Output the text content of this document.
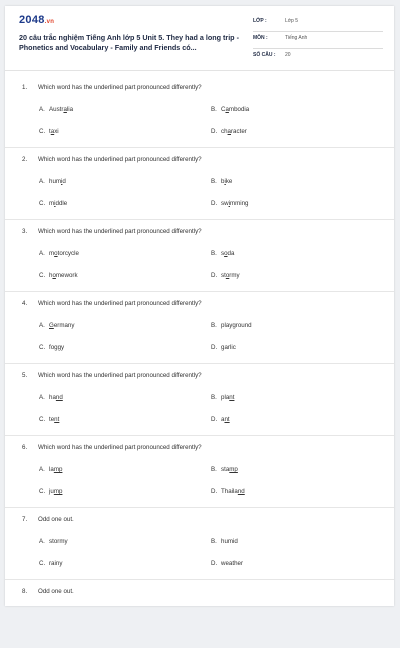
2048.vn
20 câu trắc nghiệm Tiếng Anh lớp 5 Unit 5. They had a long trip - Phonetics and Vocabulary - Family and Friends có...
LỚP :	Lớp 5
MÔN :	Tiếng Anh
SỐ CÂU : 20
1. Which word has the underlined part pronounced differently?
A. Australia	B. Cambodia
C. taxi	D. character
2. Which word has the underlined part pronounced differently?
A. humid	B. bike
C. middle	D. swimming
3. Which word has the underlined part pronounced differently?
A. motorcycle	B. soda
C. homework	D. stormy
4. Which word has the underlined part pronounced differently?
A. Germany	B. playground
C. foggy	D. garlic
5. Which word has the underlined part pronounced differently?
A. hand	B. plant
C. tent	D. ant
6. Which word has the underlined part pronounced differently?
A. lamp	B. stamp
C. jump	D. Thailand
7. Odd one out.
A. stormy	B. humid
C. rainy	D. weather
8. Odd one out.
